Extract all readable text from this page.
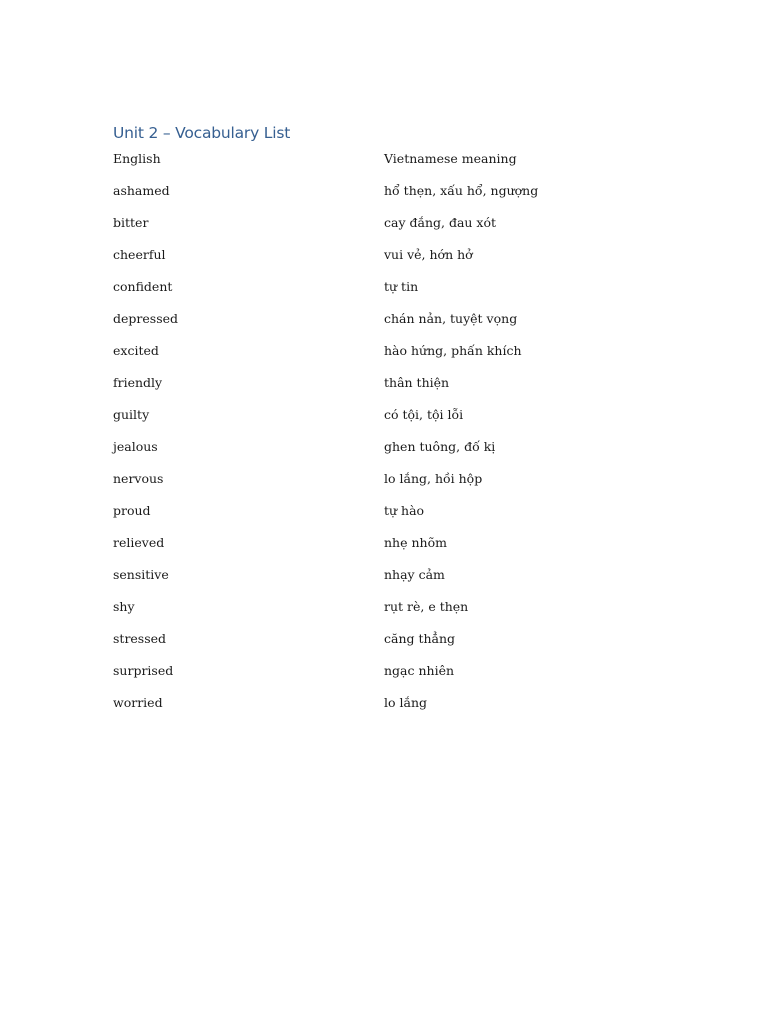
Unit 2 – Vocabulary List
English	Vietnamese meaning
ashamed	hổ thẹn, xấu hổ, ngượng
bitter	cay đắng, đau xót
cheerful	vui vẻ, hớn hở
confident	tự tin
depressed	chán nản, tuyệt vọng
excited	hào hứng, phấn khích
friendly	thân thiện
guilty	có tội, tội lỗi
jealous	ghen tuông, đố kị
nervous	lo lắng, hồi hộp
proud	tự hào
relieved	nhẹ nhõm
sensitive	nhạy cảm
shy	rụt rè, e thẹn
stressed	căng thẳng
surprised	ngạc nhiên
worried	lo lắng
